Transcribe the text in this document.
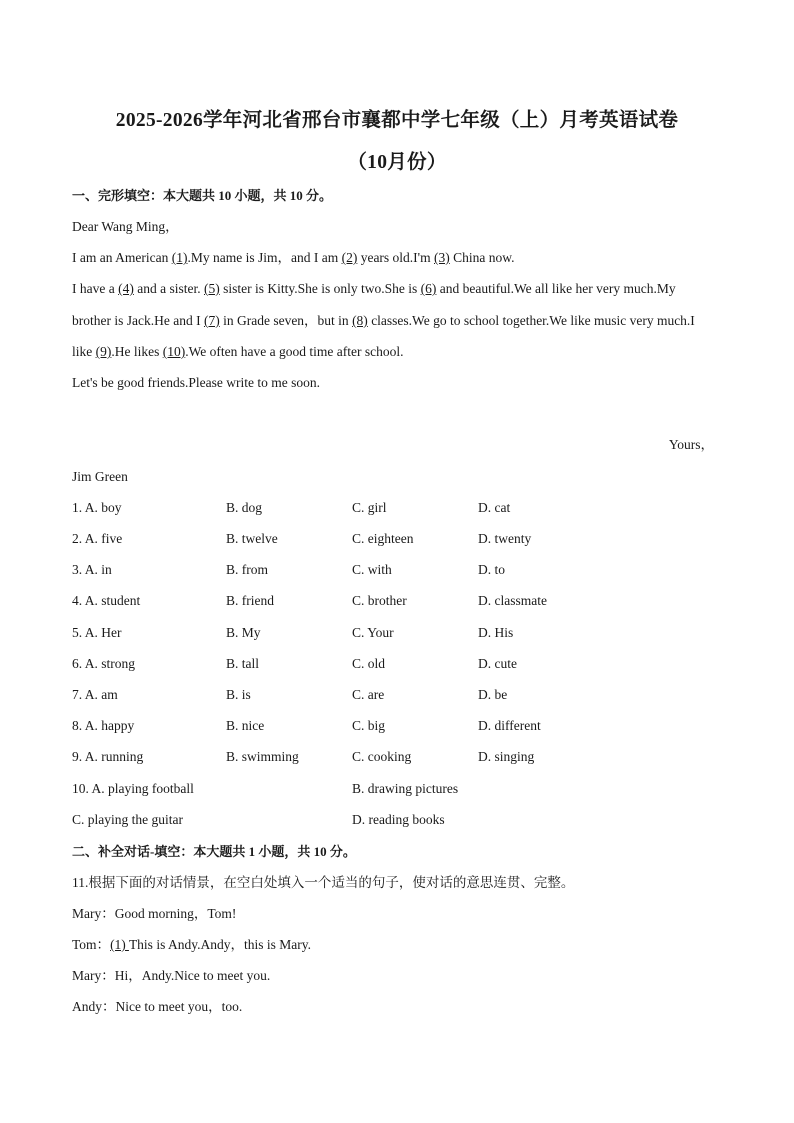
2025-2026学年河北省邢台市襄都中学七年级（上）月考英语试卷
（10月份）
一、完形填空：本大题共 10 小题，共 10 分。
Dear Wang Ming，
I am an American (1).My name is Jim，and I am (2) years old.I'm (3) China now.
I have a (4) and a sister. (5) sister is Kitty.She is only two.She is (6) and beautiful.We all like her very much.My
brother is Jack.He and I (7) in Grade seven，but in (8) classes.We go to school together.We like music very much.I
like (9).He likes (10).We often have a good time after school.
Let's be good friends.Please write to me soon.
Yours，
Jim Green
1. A. boy	B. dog	C. girl	D. cat
2. A. five	B. twelve	C. eighteen	D. twenty
3. A. in	B. from	C. with	D. to
4. A. student	B. friend	C. brother	D. classmate
5. A. Her	B. My	C. Your	D. His
6. A. strong	B. tall	C. old	D. cute
7. A. am	B. is	C. are	D. be
8. A. happy	B. nice	C. big	D. different
9. A. running	B. swimming	C. cooking	D. singing
10. A. playing football	B. drawing pictures
C. playing the guitar	D. reading books
二、补全对话-填空：本大题共 1 小题，共 10 分。
11.根据下面的对话情景，在空白处填入一个适当的句子，使对话的意思连贯、完整。
Mary：Good morning，Tom!
Tom：(1) This is Andy.Andy，this is Mary.
Mary：Hi，Andy.Nice to meet you.
Andy：Nice to meet you，too.
